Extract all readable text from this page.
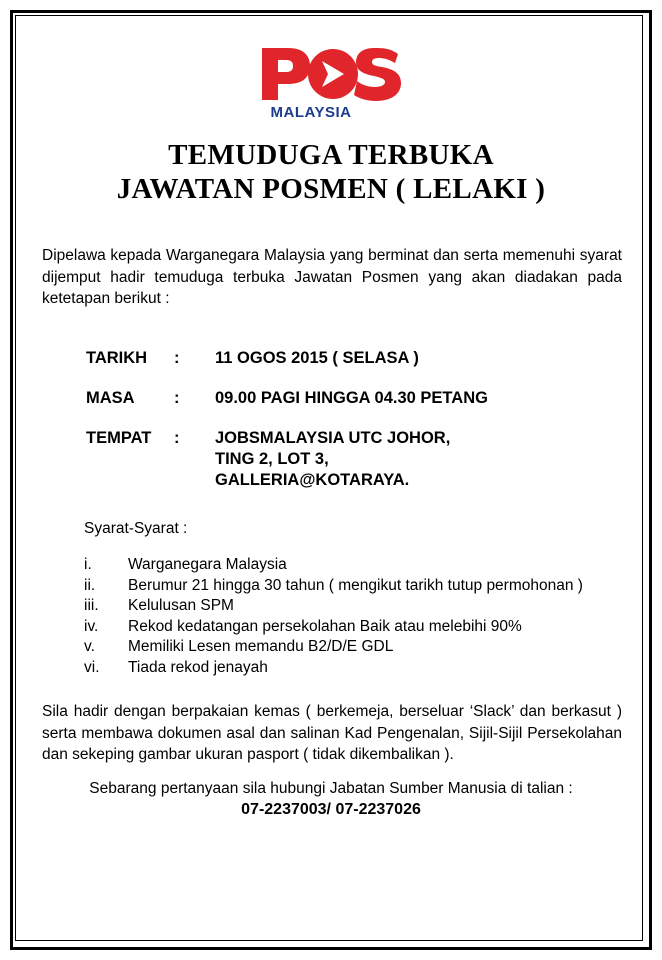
MALAYSIA
TEMUDUGA TERBUKA
JAWATAN POSMEN ( LELAKI )
Dipelawa kepada Warganegara Malaysia yang berminat dan serta memenuhi syarat dijemput hadir temuduga terbuka Jawatan Posmen yang akan diadakan pada ketetapan berikut :
TARIKH	: 11 OGOS 2015 ( SELASA )
MASA	: 09.00 PAGI HINGGA 04.30 PETANG
TEMPAT	: JOBSMALAYSIA UTC JOHOR,
TING 2, LOT 3,
GALLERIA@KOTARAYA.
Syarat-Syarat :
i. Warganegara Malaysia
ii. Berumur 21 hingga 30 tahun ( mengikut tarikh tutup permohonan )
iii. Kelulusan SPM
iv. Rekod kedatangan persekolahan Baik atau melebihi 90%
v. Memiliki Lesen memandu B2/D/E GDL
vi. Tiada rekod jenayah
Sila hadir dengan berpakaian kemas ( berkemeja, berseluar ‘Slack’ dan berkasut ) serta membawa dokumen asal dan salinan Kad Pengenalan, Sijil-Sijil Persekolahan dan sekeping gambar ukuran pasport ( tidak dikembalikan ).
Sebarang pertanyaan sila hubungi Jabatan Sumber Manusia di talian :
07-2237003/ 07-2237026
